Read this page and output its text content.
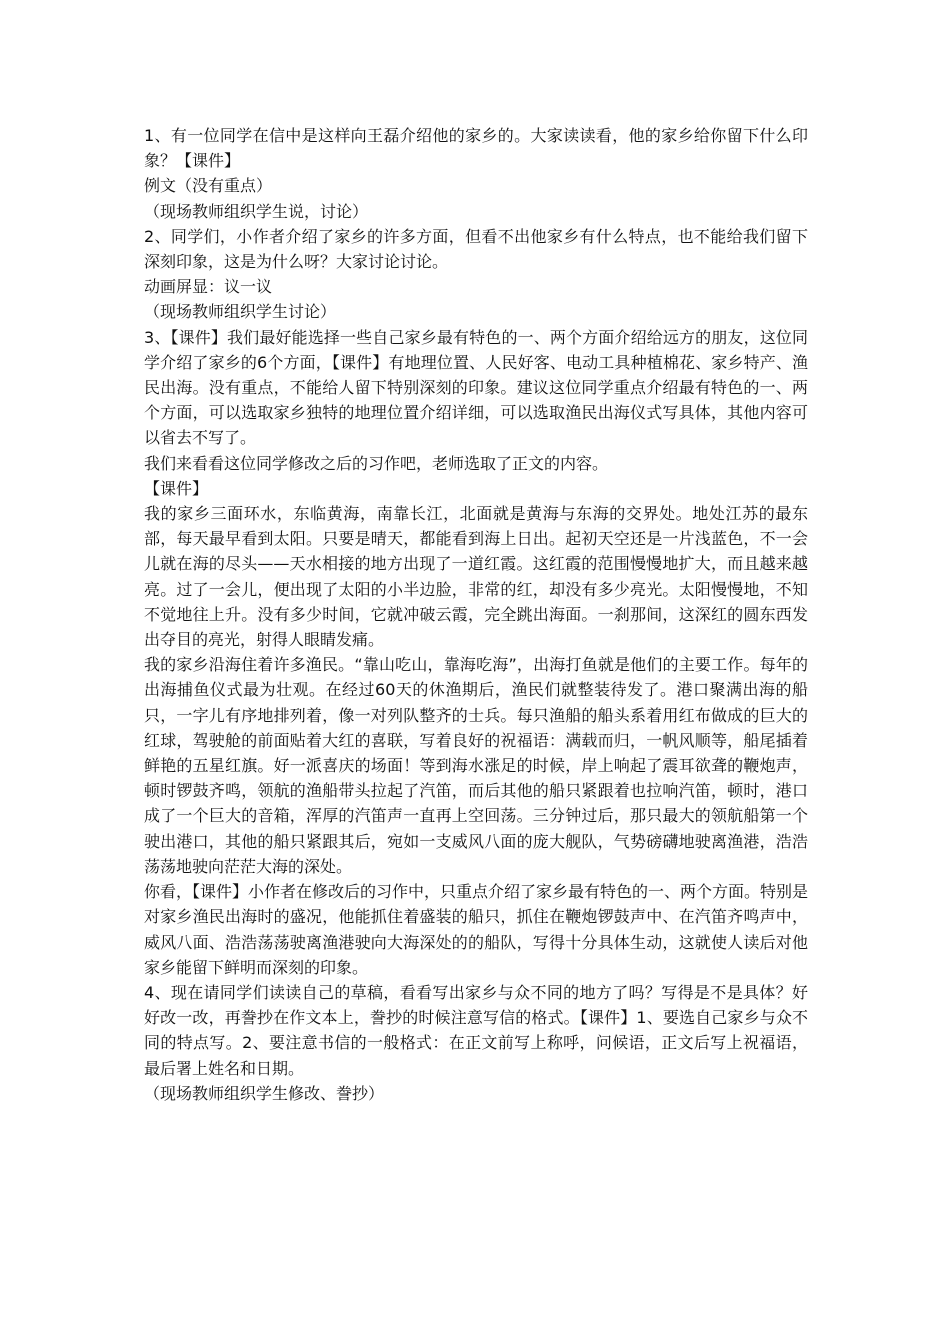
1、有一位同学在信中是这样向王磊介绍他的家乡的。大家读读看，他的家乡给你留下什么印象？【课件】

例文（没有重点）

（现场教师组织学生说，讨论）

2、同学们，小作者介绍了家乡的许多方面，但看不出他家乡有什么特点，也不能给我们留下深刻印象，这是为什么呀？大家讨论讨论。

动画屏显：议一议

（现场教师组织学生讨论）

3、【课件】我们最好能选择一些自己家乡最有特色的一、两个方面介绍给远方的朋友，这位同学介绍了家乡的6个方面，【课件】有地理位置、人民好客、电动工具种植棉花、家乡特产、渔民出海。没有重点，不能给人留下特别深刻的印象。建议这位同学重点介绍最有特色的一、两个方面，可以选取家乡独特的地理位置介绍详细，可以选取渔民出海仪式写具体，其他内容可以省去不写了。

我们来看看这位同学修改之后的习作吧，老师选取了正文的内容。

【课件】

我的家乡三面环水，东临黄海，南靠长江，北面就是黄海与东海的交界处。地处江苏的最东部，每天最早看到太阳。只要是晴天，都能看到海上日出。起初天空还是一片浅蓝色，不一会儿就在海的尽头——天水相接的地方出现了一道红霞。这红霞的范围慢慢地扩大，而且越来越亮。过了一会儿，便出现了太阳的小半边脸，非常的红，却没有多少亮光。太阳慢慢地，不知不觉地往上升。没有多少时间，它就冲破云霞，完全跳出海面。一刹那间，这深红的圆东西发出夺目的亮光，射得人眼睛发痛。

我的家乡沿海住着许多渔民。“靠山吃山，靠海吃海”，出海打鱼就是他们的主要工作。每年的出海捕鱼仪式最为壮观。在经过60天的休渔期后，渔民们就整装待发了。港口聚满出海的船只，一字儿有序地排列着，像一对列队整齐的士兵。每只渔船的船头系着用红布做成的巨大的红球，驾驶舱的前面贴着大红的喜联，写着良好的祝福语：满载而归，一帆风顺等，船尾插着鲜艳的五星红旗。好一派喜庆的场面！等到海水涨足的时候，岸上响起了震耳欲聋的鞭炮声，顿时锣鼓齐鸣，领航的渔船带头拉起了汽笛，而后其他的船只紧跟着也拉响汽笛，顿时，港口成了一个巨大的音箱，浑厚的汽笛声一直再上空回荡。三分钟过后，那只最大的领航船第一个驶出港口，其他的船只紧跟其后，宛如一支威风八面的庞大舰队，气势磅礴地驶离渔港，浩浩荡荡地驶向茫茫大海的深处。

你看，【课件】小作者在修改后的习作中，只重点介绍了家乡最有特色的一、两个方面。特别是对家乡渔民出海时的盛况，他能抓住着盛装的船只，抓住在鞭炮锣鼓声中、在汽笛齐鸣声中，威风八面、浩浩荡荡驶离渔港驶向大海深处的的船队，写得十分具体生动，这就使人读后对他家乡能留下鲜明而深刻的印象。

4、现在请同学们读读自己的草稿，看看写出家乡与众不同的地方了吗？写得是不是具体？好好改一改，再誊抄在作文本上，誊抄的时候注意写信的格式。【课件】1、要选自己家乡与众不同的特点写。2、要注意书信的一般格式：在正文前写上称呼，问候语，正文后写上祝福语，最后署上姓名和日期。

（现场教师组织学生修改、誊抄）
